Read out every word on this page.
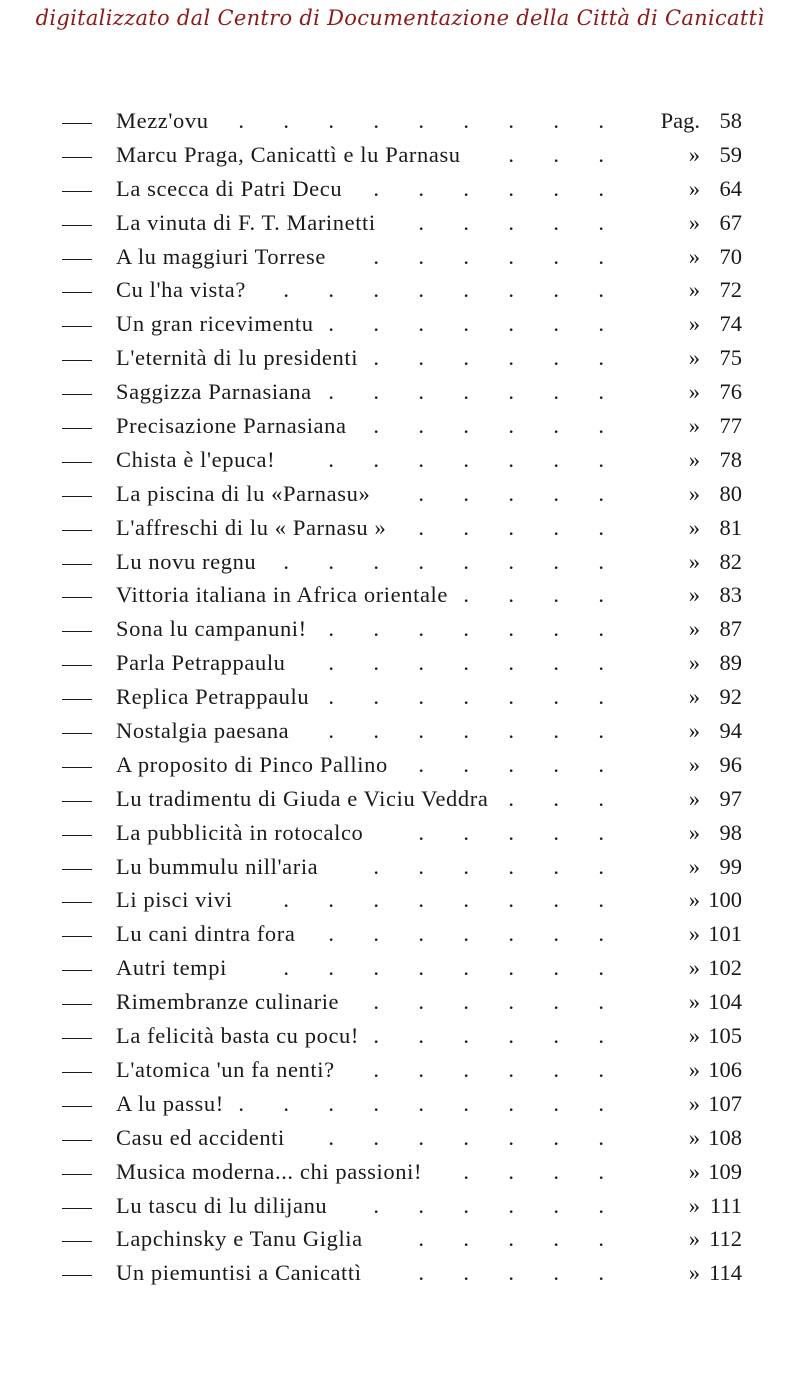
digitalizzato dal Centro di Documentazione della Città di Canicattì
Mezz'ovu .    .    .    .    .    .    .    .    .	Pag. 58
Marcu Praga, Canicattì e lu Parnasu .    .    .	» 59
La scecca di Patri Decu .    .    .    .    .    .	» 64
La vinuta di F. T. Marinetti .    .    .    .    .	» 67
A lu maggiuri Torrese .    .    .    .    .    .	» 70
Cu l'ha vista? .    .    .    .    .    .    .    .	» 72
Un gran ricevimentu .    .    .    .    .    .    .	» 74
L'eternità di lu presidenti .    .    .    .    .    .	» 75
Saggizza Parnasiana .    .    .    .    .    .    .	» 76
Precisazione Parnasiana .    .    .    .    .    .	» 77
Chista è l'epuca! .    .    .    .    .    .    .	» 78
La piscina di lu «Parnasu» .    .    .    .    .	» 80
L'affreschi di lu « Parnasu » .    .    .    .    .	» 81
Lu novu regnu .    .    .    .    .    .    .    .	» 82
Vittoria italiana in Africa orientale .    .    .    .	» 83
Sona lu campanuni! .    .    .    .    .    .    .	» 87
Parla Petrappaulu .    .    .    .    .    .    .	» 89
Replica Petrappaulu .    .    .    .    .    .    .	» 92
Nostalgia paesana .    .    .    .    .    .    .	» 94
A proposito di Pinco Pallino .    .    .    .    .	» 96
Lu tradimentu di Giuda e Viciu Veddra .    .    .	» 97
La pubblicità in rotocalco .    .    .    .    .	» 98
Lu bummulu nill'aria .    .    .    .    .    .	» 99
Li pisci vivi .    .    .    .    .    .    .    .	» 100
Lu cani dintra fora .    .    .    .    .    .    .	» 101
Autri tempi	.    .    .    .    .    .    .    .	» 102
Rimembranze culinarie .    .    .    .    .    .	» 104
La felicità basta cu pocu! .    .    .    .    .    .	» 105
L'atomica 'un fa nenti? .    .    .    .    .    .	» 106
A lu passu! .    .    .    .    .    .    .    .    .	» 107
Casu ed accidenti .    .    .    .    .    .    .	» 108
Musica moderna... chi passioni! .    .    .    .	» 109
Lu tascu di lu dilijanu .    .    .    .    .    .	» 111
Lapchinsky e Tanu Giglia .    .    .    .    .	» 112
Un piemuntisi a Canicattì	.    .    .    .    .	» 114
